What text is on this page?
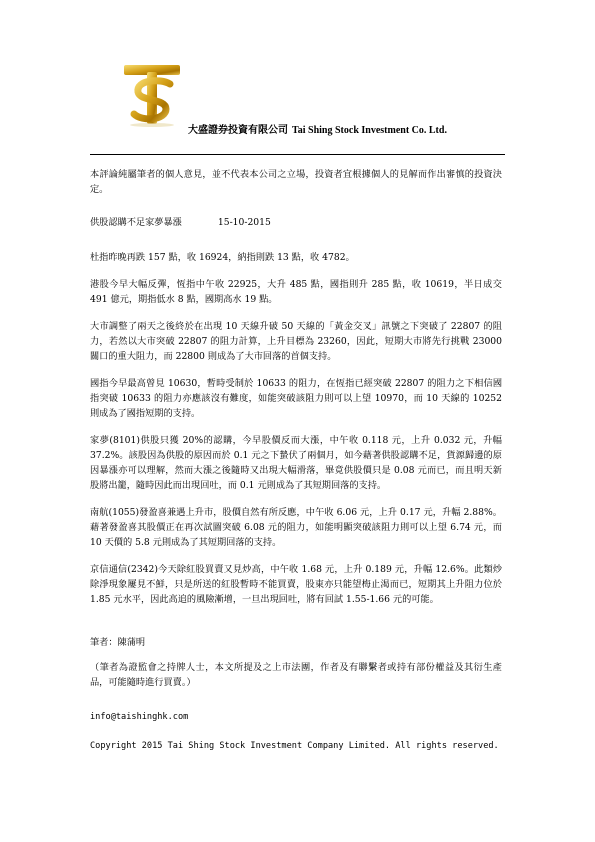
大盛證券投資有限公司 Tai Shing Stock Investment Co. Ltd.

本評論純屬筆者的個人意見，並不代表本公司之立場，投資者宜根據個人的見解而作出審慎的投資決定。

供股認購不足家夢暴漲	15-10-2015

杜指昨晚再跌 157 點，收 16924，納指則跌 13 點，收 4782。

港股今早大幅反彈，恆指中午收 22925，大升 485 點，國指則升 285 點，收 10619，半日成交 491 億元，期指低水 8 點，國期高水 19 點。

大市調整了兩天之後終於在出現 10 天線升破 50 天線的「黃金交叉」訊號之下突破了 22807 的阻力，若然以大市突破 22807 的阻力計算，上升目標為 23260，因此，短期大市將先行挑戰 23000 關口的重大阻力，而 22800 則成為了大市回落的首個支持。

國指今早最高曾見 10630，暫時受制於 10633 的阻力，在恆指已經突破 22807 的阻力之下相信國指突破 10633 的阻力亦應該沒有難度，如能突破該阻力則可以上望 10970，而 10 天線的 10252 則成為了國指短期的支持。

家夢(8101)供股只獲 20%的認購，今早股價反而大漲，中午收 0.118 元，上升 0.032 元，升幅 37.2%。該股因為供股的原因而於 0.1 元之下蟄伏了兩個月，如今藉著供股認購不足，貨源歸邊的原因暴漲亦可以理解，然而大漲之後隨時又出現大幅滑落，畢竟供股價只是 0.08 元而已，而且明天新股將出籠，隨時因此而出現回吐，而 0.1 元則成為了其短期回落的支持。

南航(1055)發盈喜兼遇上升市，股價自然有所反應，中午收 6.06 元，上升 0.17 元，升幅 2.88%。藉著發盈喜其股價正在再次試圖突破 6.08 元的阻力，如能明顯突破該阻力則可以上望 6.74 元，而 10 天價的 5.8 元則成為了其短期回落的支持。

京信通信(2342)今天除紅股買賣又見炒高，中午收 1.68 元，上升 0.189 元，升幅 12.6%。此類炒除淨現象屢見不鮮，只是所送的紅股暫時不能買賣，股東亦只能望梅止渴而已，短期其上升阻力位於 1.85 元水平，因此高追的風險漸增，一旦出現回吐，將有回試 1.55-1.66 元的可能。

筆者：陳蒲明

（筆者為證監會之持牌人士，本文所提及之上市法團，作者及有聯繫者或持有部份權益及其衍生產品，可能隨時進行買賣。）

info@taishinghk.com

Copyright 2015 Tai Shing Stock Investment Company Limited. All rights reserved.
